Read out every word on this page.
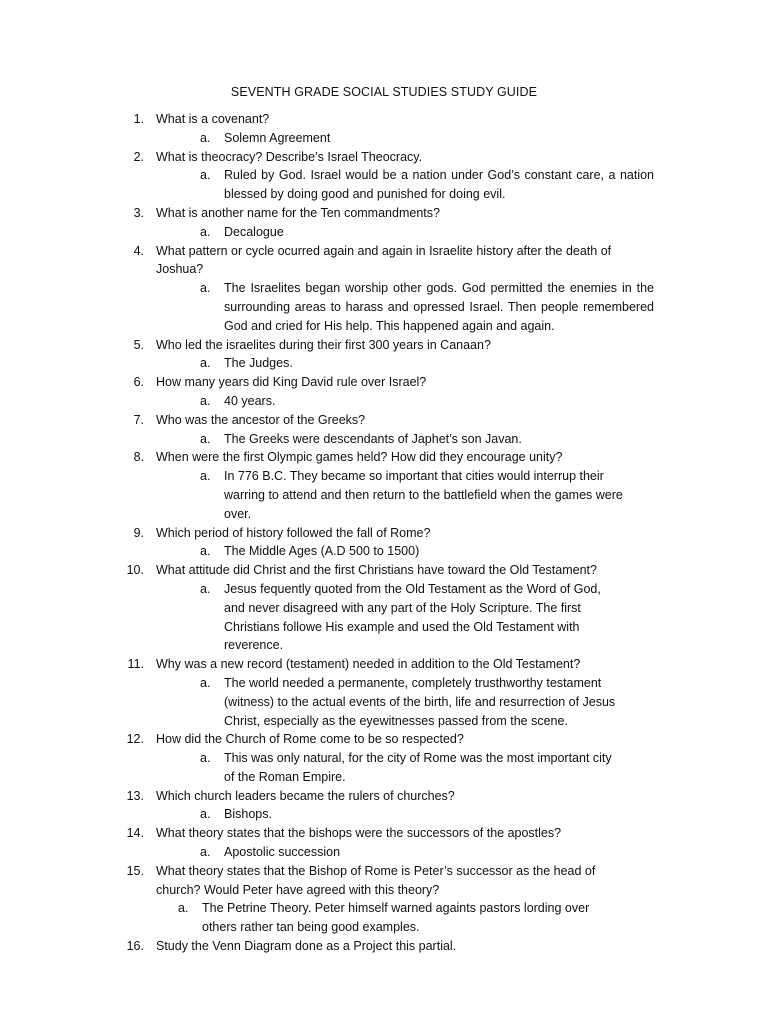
SEVENTH GRADE SOCIAL STUDIES STUDY GUIDE
1. What is a covenant?
a. Solemn Agreement
2. What is theocracy? Describe’s Israel Theocracy.
a. Ruled by God. Israel would be a nation under God’s constant care, a nation blessed by doing good and punished for doing evil.
3. What is another name for the Ten commandments?
a. Decalogue
4. What pattern or cycle ocurred again and again in Israelite history after the death of Joshua?
a. The Israelites began worship other gods. God permitted the enemies in the surrounding areas to harass and opressed Israel. Then people remembered God and cried for His help. This happened again and again.
5. Who led the israelites during their first 300 years in Canaan?
a. The Judges.
6. How many years did King David rule over Israel?
a. 40 years.
7. Who was the ancestor of the Greeks?
a. The Greeks were descendants of Japhet’s son Javan.
8. When were the first Olympic games held? How did they encourage unity?
a. In 776 B.C. They became so important that cities would interrup their warring to attend and then return to the battlefield when the games were over.
9. Which period of history followed the fall of Rome?
a. The Middle Ages (A.D 500 to 1500)
10. What attitude did Christ and the first Christians have toward the Old Testament?
a. Jesus fequently quoted from the Old Testament as the Word of God, and never disagreed with any part of the Holy Scripture. The first Christians followe His example and used the Old Testament with reverence.
11. Why was a new record (testament) needed in addition to the Old Testament?
a. The world needed a permanente, completely trusthworthy testament (witness) to the actual events of the birth, life and resurrection of Jesus Christ, especially as the eyewitnesses passed from the scene.
12. How did the Church of Rome come to be so respected?
a. This was only natural, for the city of Rome was the most important city of the Roman Empire.
13. Which church leaders became the rulers of churches?
a. Bishops.
14. What theory states that the bishops were the successors of the apostles?
a. Apostolic succession
15. What theory states that the Bishop of Rome is Peter’s successor as the head of church? Would Peter have agreed with this theory?
a. The Petrine Theory. Peter himself warned againts pastors lording over others rather tan being good examples.
16. Study the Venn Diagram done as a Project this partial.
